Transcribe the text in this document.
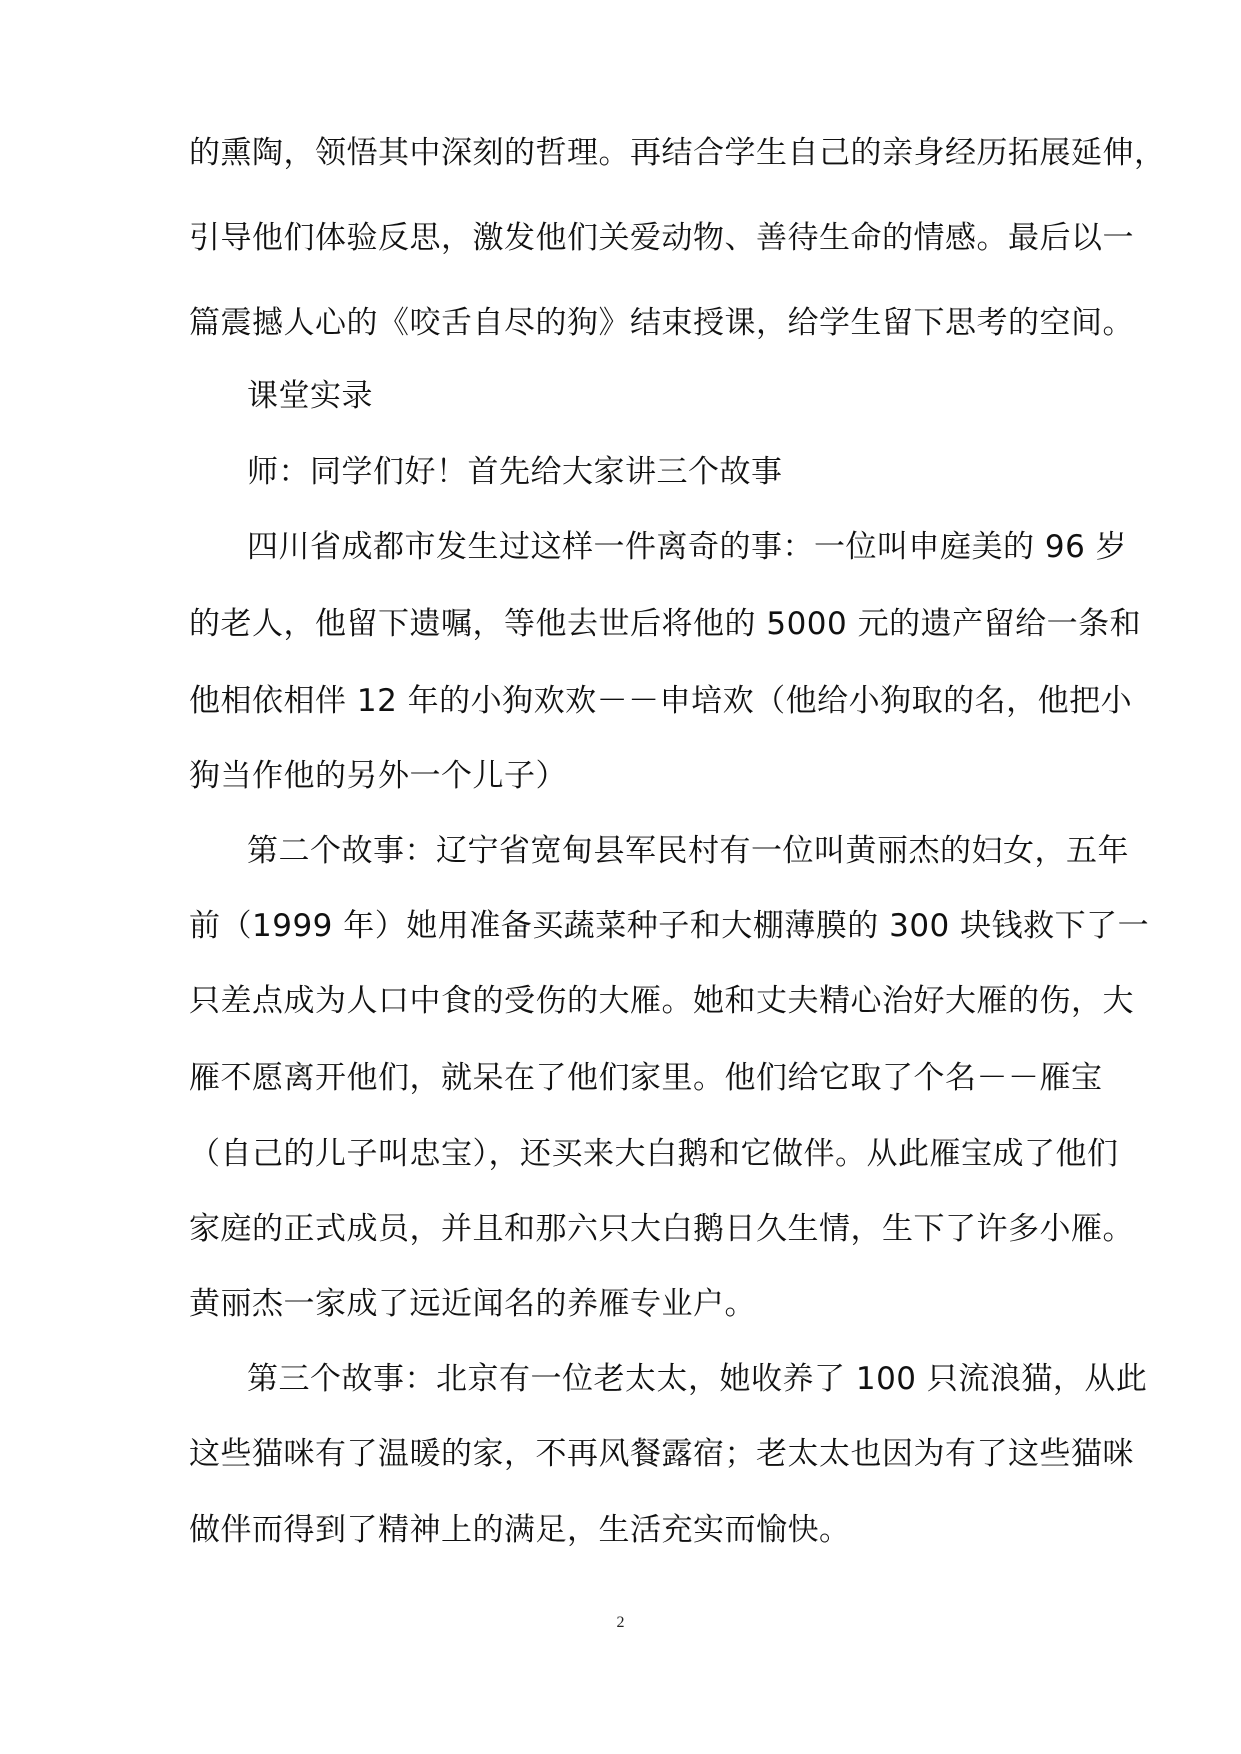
的熏陶，领悟其中深刻的哲理。再结合学生自己的亲身经历拓展延伸，
引导他们体验反思，激发他们关爱动物、善待生命的情感。最后以一
篇震撼人心的《咬舌自尽的狗》结束授课，给学生留下思考的空间。
课堂实录
师：同学们好！首先给大家讲三个故事
四川省成都市发生过这样一件离奇的事：一位叫申庭美的 96 岁
的老人，他留下遗嘱，等他去世后将他的 5000 元的遗产留给一条和
他相依相伴 12 年的小狗欢欢－－申培欢（他给小狗取的名，他把小
狗当作他的另外一个儿子）
第二个故事：辽宁省宽甸县军民村有一位叫黄丽杰的妇女，五年
前（1999 年）她用准备买蔬菜种子和大棚薄膜的 300 块钱救下了一
只差点成为人口中食的受伤的大雁。她和丈夫精心治好大雁的伤，大
雁不愿离开他们，就呆在了他们家里。他们给它取了个名－－雁宝
（自己的儿子叫忠宝），还买来大白鹅和它做伴。从此雁宝成了他们
家庭的正式成员，并且和那六只大白鹅日久生情，生下了许多小雁。
黄丽杰一家成了远近闻名的养雁专业户。
第三个故事：北京有一位老太太，她收养了 100 只流浪猫，从此
这些猫咪有了温暖的家，不再风餐露宿；老太太也因为有了这些猫咪
做伴而得到了精神上的满足，生活充实而愉快。
2
